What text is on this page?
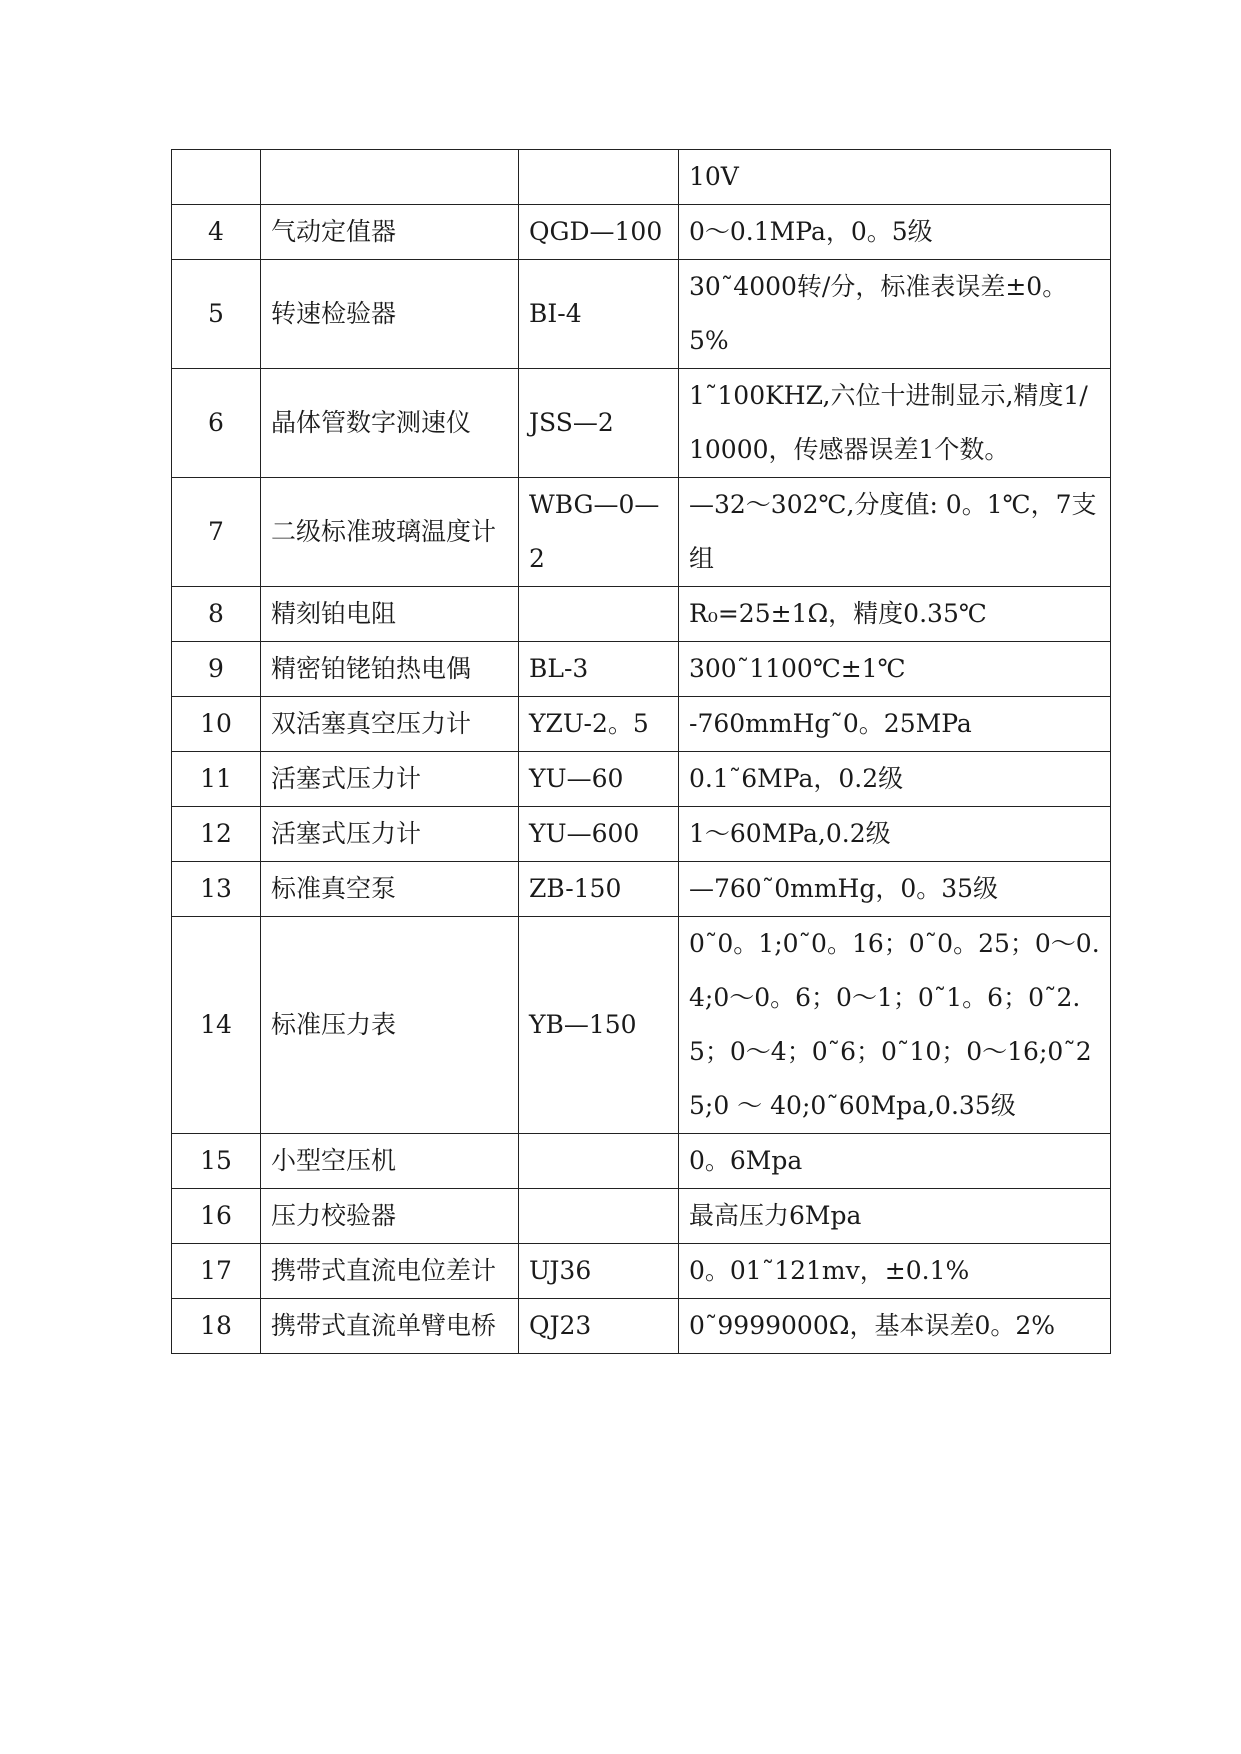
			10V
4	气动定值器	QGD—100	0～0.1MPa，0。5级
5	转速检验器	BI-4	30˜4000转/分，标准表误差±0。5%
6	晶体管数字测速仪	JSS—2	1˜100KHZ,六位十进制显示,精度1/10000，传感器误差1个数。
7	二级标准玻璃温度计	WBG—0—2	—32～302℃,分度值: 0。1℃，7支组
8	精刻铂电阻		R₀=25±1Ω，精度0.35℃
9	精密铂铑铂热电偶	BL-3	300˜1100℃±1℃
10	双活塞真空压力计	YZU-2。5	-760mmHg˜0。25MPa
11	活塞式压力计	YU—60	0.1˜6MPa，0.2级
12	活塞式压力计	YU—600	1～60MPa,0.2级
13	标准真空泵	ZB-150	—760˜0mmHg，0。35级
14	标准压力表	YB—150	0˜0。1;0˜0。16；0˜0。25；0～0.4;0～0。6；0～1；0˜1。6；0˜2.5；0～4；0˜6；0˜10；0～16;0˜25;0 ～ 40;0˜60Mpa,0.35级
15	小型空压机		0。6Mpa
16	压力校验器		最高压力6Mpa
17	携带式直流电位差计	UJ36	0。01˜121mv，±0.1%
18	携带式直流单臂电桥	QJ23	0˜9999000Ω，基本误差0。2%
